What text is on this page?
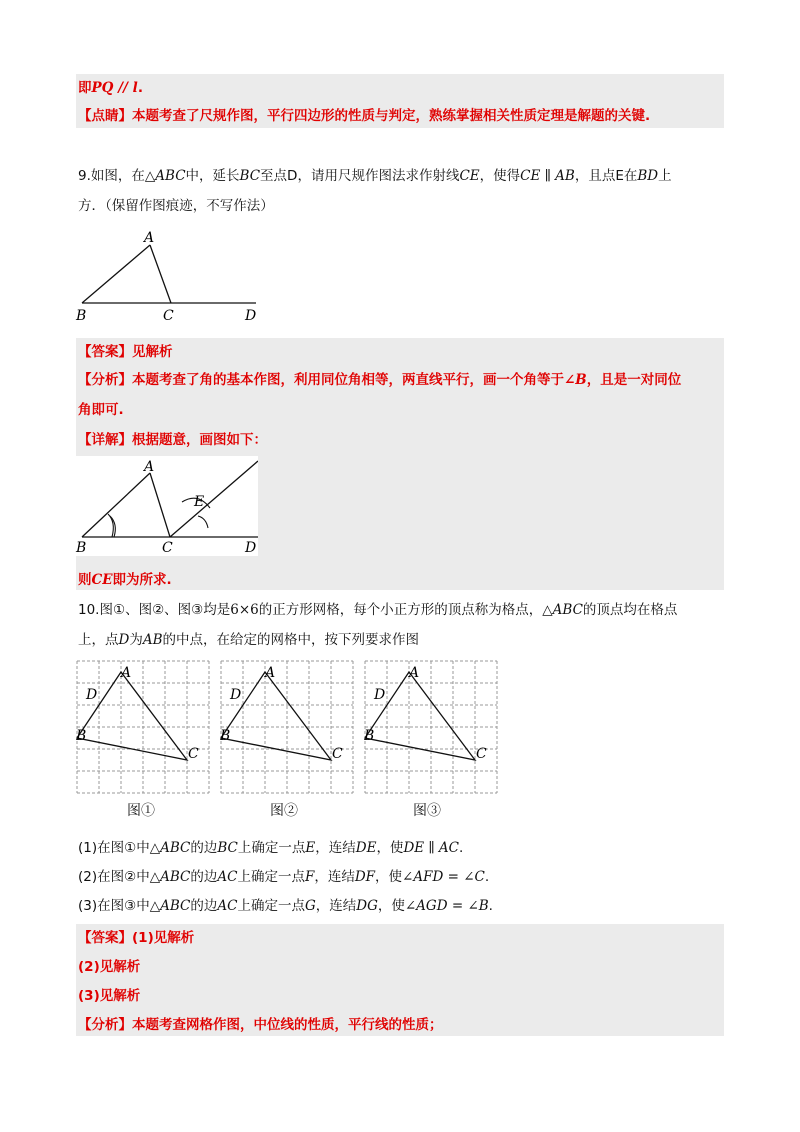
即PQ // l.
【点睛】本题考查了尺规作图，平行四边形的性质与判定，熟练掌握相关性质定理是解题的关键.
9.如图，在△ABC中，延长BC至点D，请用尺规作图法求作射线CE，使得CE ∥ AB，且点E在BD上
方．（保留作图痕迹，不写作法）
A
B	C	D
【答案】见解析
【分析】本题考查了角的基本作图，利用同位角相等，两直线平行，画一个角等于∠B，且是一对同位
角即可.
【详解】根据题意，画图如下：
A
E
B	C	D
则CE即为所求.
10.图①、图②、图③均是6×6的正方形网格，每个小正方形的顶点称为格点，△ABC的顶点均在格点
上，点D为AB的中点，在给定的网格中，按下列要求作图
A
D
B
C
A
D
B
C
A
D
B
C
图①	图②	图③
(1)在图①中△ABC的边BC上确定一点E，连结DE，使DE ∥ AC.
(2)在图②中△ABC的边AC上确定一点F，连结DF，使∠AFD = ∠C.
(3)在图③中△ABC的边AC上确定一点G，连结DG，使∠AGD = ∠B.
【答案】(1)见解析
(2)见解析
(3)见解析
【分析】本题考查网格作图，中位线的性质，平行线的性质；
